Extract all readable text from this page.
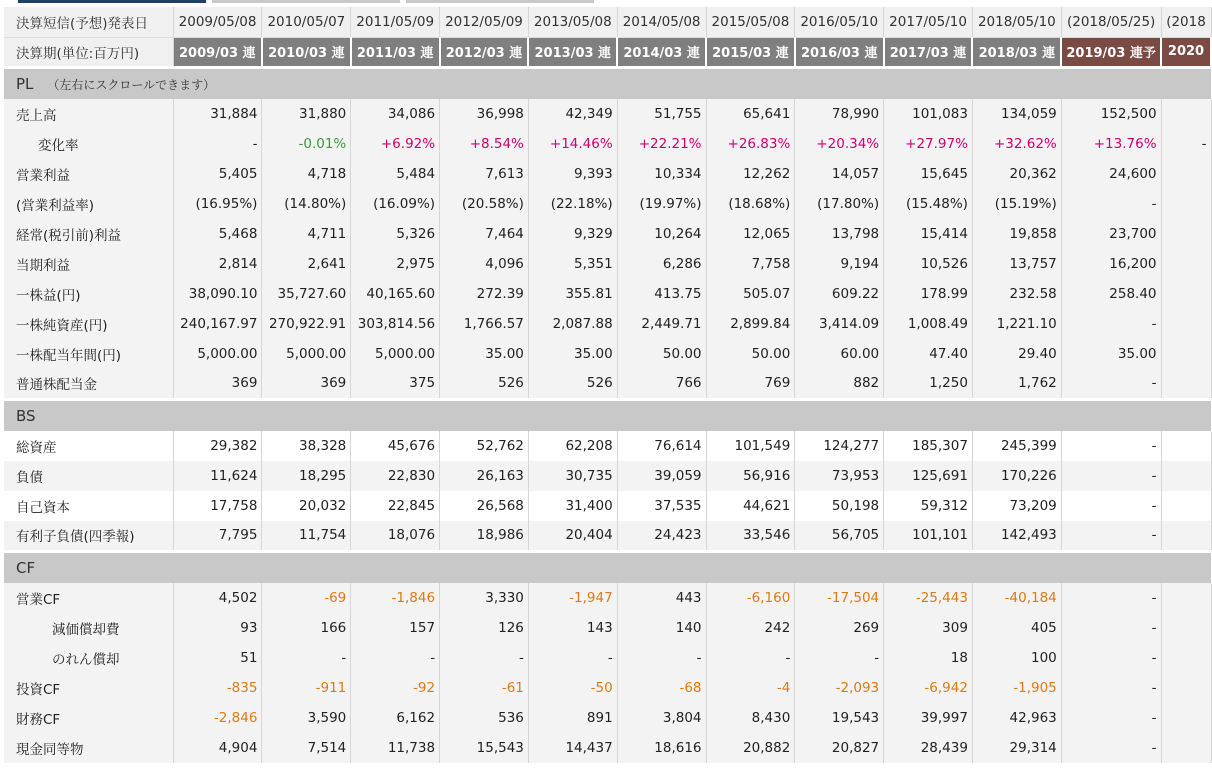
決算短信(予想)発表日	2009/05/08	2010/05/07	2011/05/09	2012/05/09	2013/05/08	2014/05/08	2015/05/08	2016/05/10	2017/05/10	2018/05/10	(2018/05/25)	(2018
決算期(単位:百万円)	2009/03 連	2010/03 連	2011/03 連	2012/03 連	2013/03 連	2014/03 連	2015/03 連	2016/03 連	2017/03 連	2018/03 連	2019/03 連予	2020
PL （左右にスクロールできます）												
売上高	31,884	31,880	34,086	36,998	42,349	51,755	65,641	78,990	101,083	134,059	152,500	
変化率	-	-0.01%	+6.92%	+8.54%	+14.46%	+22.21%	+26.83%	+20.34%	+27.97%	+32.62%	+13.76%	-
営業利益	5,405	4,718	5,484	7,613	9,393	10,334	12,262	14,057	15,645	20,362	24,600	
(営業利益率)	(16.95%)	(14.80%)	(16.09%)	(20.58%)	(22.18%)	(19.97%)	(18.68%)	(17.80%)	(15.48%)	(15.19%)	-	
経常(税引前)利益	5,468	4,711	5,326	7,464	9,329	10,264	12,065	13,798	15,414	19,858	23,700	
当期利益	2,814	2,641	2,975	4,096	5,351	6,286	7,758	9,194	10,526	13,757	16,200	
一株益(円)	38,090.10	35,727.60	40,165.60	272.39	355.81	413.75	505.07	609.22	178.99	232.58	258.40	
一株純資産(円)	240,167.97	270,922.91	303,814.56	1,766.57	2,087.88	2,449.71	2,899.84	3,414.09	1,008.49	1,221.10	-	
一株配当年間(円)	5,000.00	5,000.00	5,000.00	35.00	35.00	50.00	50.00	60.00	47.40	29.40	35.00	
普通株配当金	369	369	375	526	526	766	769	882	1,250	1,762	-	
BS												
総資産	29,382	38,328	45,676	52,762	62,208	76,614	101,549	124,277	185,307	245,399	-	
負債	11,624	18,295	22,830	26,163	30,735	39,059	56,916	73,953	125,691	170,226	-	
自己資本	17,758	20,032	22,845	26,568	31,400	37,535	44,621	50,198	59,312	73,209	-	
有利子負債(四季報)	7,795	11,754	18,076	18,986	20,404	24,423	33,546	56,705	101,101	142,493	-	
CF												
営業CF	4,502	-69	-1,846	3,330	-1,947	443	-6,160	-17,504	-25,443	-40,184	-	
減価償却費	93	166	157	126	143	140	242	269	309	405	-	
のれん償却	51	-	-	-	-	-	-	-	18	100	-	
投資CF	-835	-911	-92	-61	-50	-68	-4	-2,093	-6,942	-1,905	-	
財務CF	-2,846	3,590	6,162	536	891	3,804	8,430	19,543	39,997	42,963	-	
現金同等物	4,904	7,514	11,738	15,543	14,437	18,616	20,882	20,827	28,439	29,314	-	
